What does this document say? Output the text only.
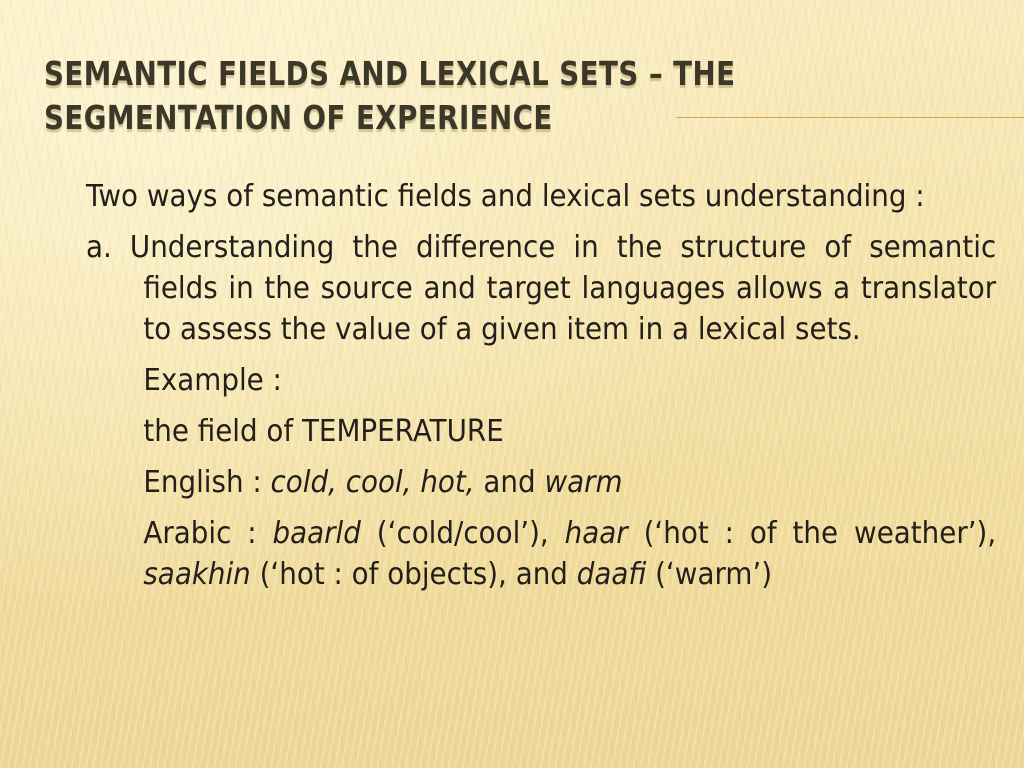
SEMANTIC FIELDS AND LEXICAL SETS – THE SEGMENTATION OF EXPERIENCE
Two ways of semantic fields and lexical sets understanding :
a. Understanding the difference in the structure of semantic fields in the source and target languages allows a translator to assess the value of a given item in a lexical sets.
Example :
the field of TEMPERATURE
English : cold, cool, hot, and warm
Arabic : baarld (‘cold/cool’), haar (‘hot : of the weather’), saakhin (‘hot : of objects), and daafi (‘warm’)
